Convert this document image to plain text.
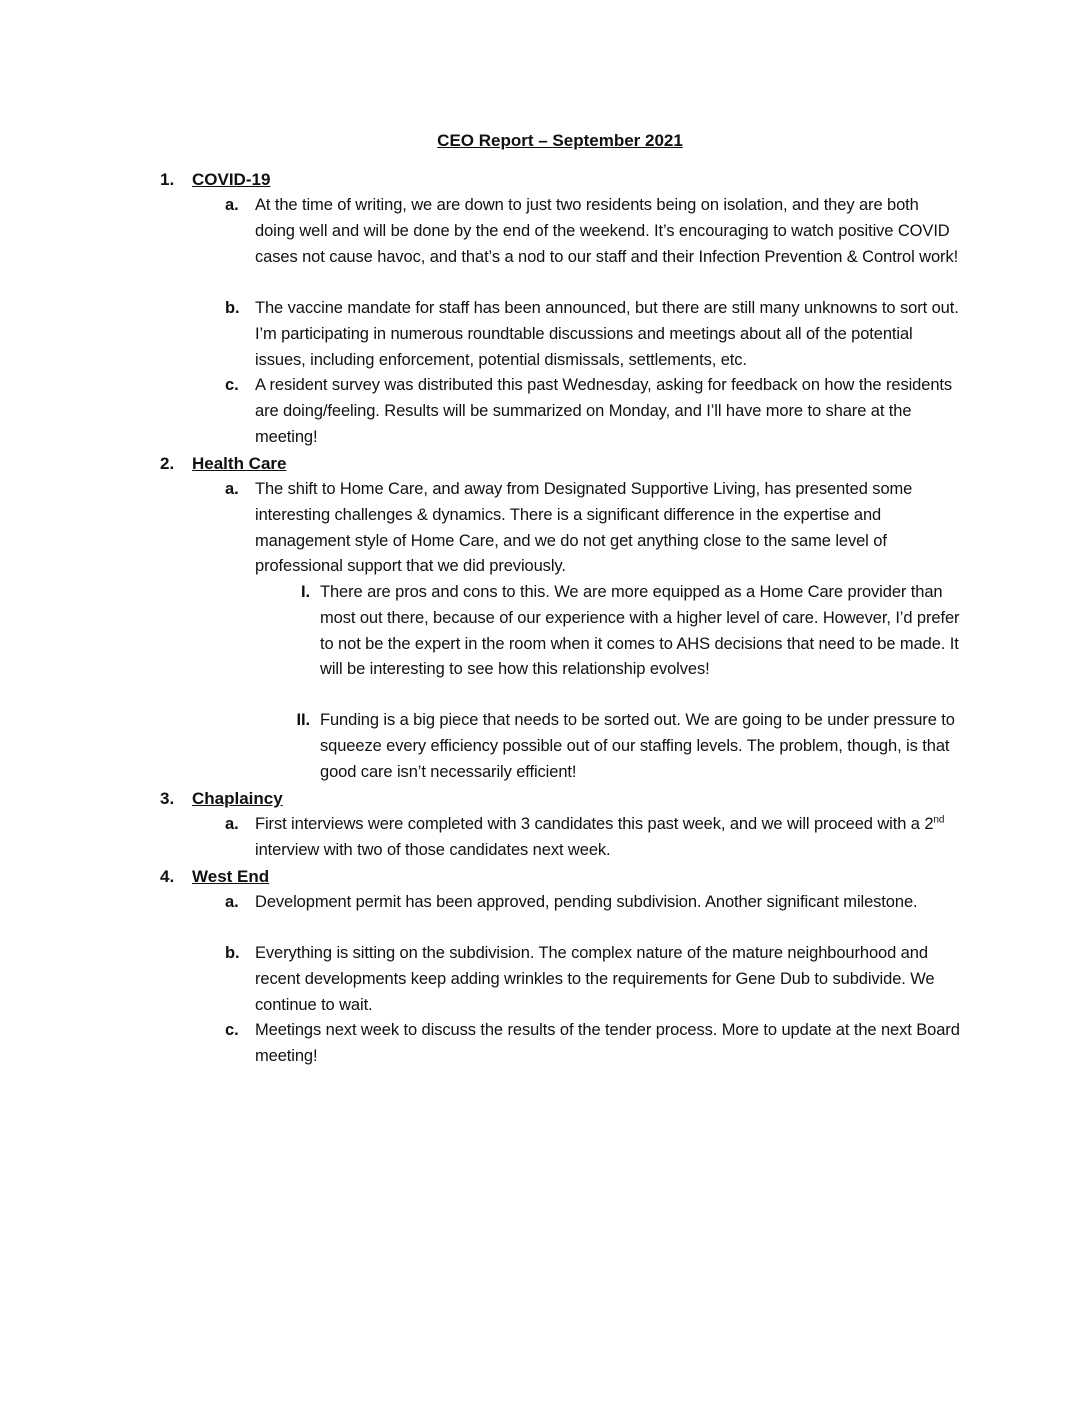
CEO Report – September 2021
1. COVID-19
a. At the time of writing, we are down to just two residents being on isolation, and they are both doing well and will be done by the end of the weekend. It’s encouraging to watch positive COVID cases not cause havoc, and that’s a nod to our staff and their Infection Prevention & Control work!
b. The vaccine mandate for staff has been announced, but there are still many unknowns to sort out. I’m participating in numerous roundtable discussions and meetings about all of the potential issues, including enforcement, potential dismissals, settlements, etc.
c. A resident survey was distributed this past Wednesday, asking for feedback on how the residents are doing/feeling. Results will be summarized on Monday, and I’ll have more to share at the meeting!
2. Health Care
a. The shift to Home Care, and away from Designated Supportive Living, has presented some interesting challenges & dynamics. There is a significant difference in the expertise and management style of Home Care, and we do not get anything close to the same level of professional support that we did previously.
I. There are pros and cons to this. We are more equipped as a Home Care provider than most out there, because of our experience with a higher level of care. However, I’d prefer to not be the expert in the room when it comes to AHS decisions that need to be made. It will be interesting to see how this relationship evolves!
II. Funding is a big piece that needs to be sorted out. We are going to be under pressure to squeeze every efficiency possible out of our staffing levels. The problem, though, is that good care isn’t necessarily efficient!
3. Chaplaincy
a. First interviews were completed with 3 candidates this past week, and we will proceed with a 2nd interview with two of those candidates next week.
4. West End
a. Development permit has been approved, pending subdivision. Another significant milestone.
b. Everything is sitting on the subdivision. The complex nature of the mature neighbourhood and recent developments keep adding wrinkles to the requirements for Gene Dub to subdivide. We continue to wait.
c. Meetings next week to discuss the results of the tender process. More to update at the next Board meeting!
